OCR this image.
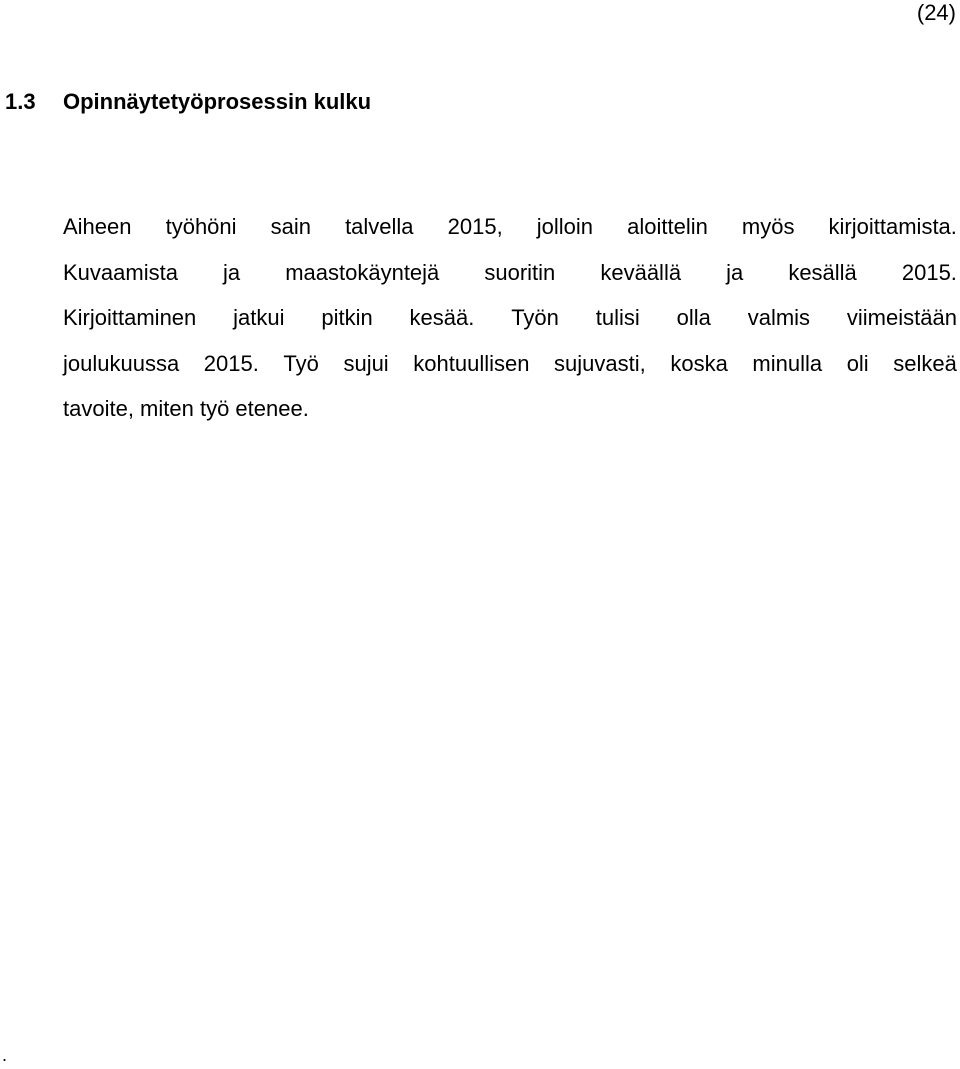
(24)
1.3 Opinnäytetyöprosessin kulku
Aiheen työhöni sain talvella 2015, jolloin aloittelin myös kirjoittamista.
Kuvaamista ja maastokäyntejä suoritin keväällä ja kesällä 2015.
Kirjoittaminen jatkui pitkin kesää. Työn tulisi olla valmis viimeistään
joulukuussa 2015. Työ sujui kohtuullisen sujuvasti, koska minulla oli selkeä
tavoite, miten työ etenee.
.
